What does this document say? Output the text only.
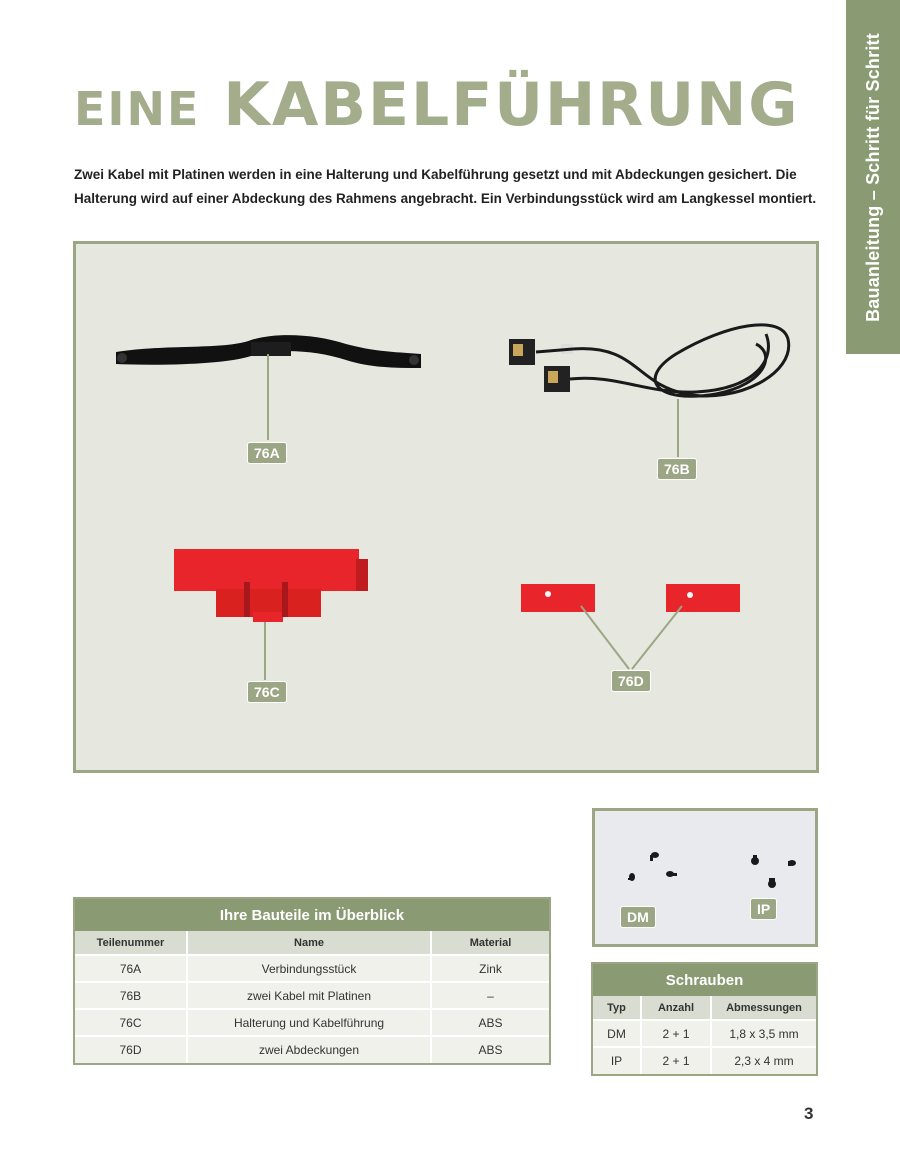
Bauanleitung – Schritt für Schritt
EINE KABELFÜHRUNG
Zwei Kabel mit Platinen werden in eine Halterung und Kabelführung gesetzt und mit Abdeckungen gesichert. Die Halterung wird auf einer Abdeckung des Rahmens angebracht. Ein Verbindungsstück wird am Langkessel montiert.
76A
76B
76C
76D
DM	IP
Ihre Bauteile im Überblick		
Teilenummer	Name	Material
76A	Verbindungsstück	Zink
76B	zwei Kabel mit Platinen	–
76C	Halterung und Kabelführung	ABS
76D	zwei Abdeckungen	ABS
Schrauben		
Typ	Anzahl	Abmessungen
DM	2 + 1	1,8 x 3,5 mm
IP	2 + 1	2,3 x 4 mm
3
